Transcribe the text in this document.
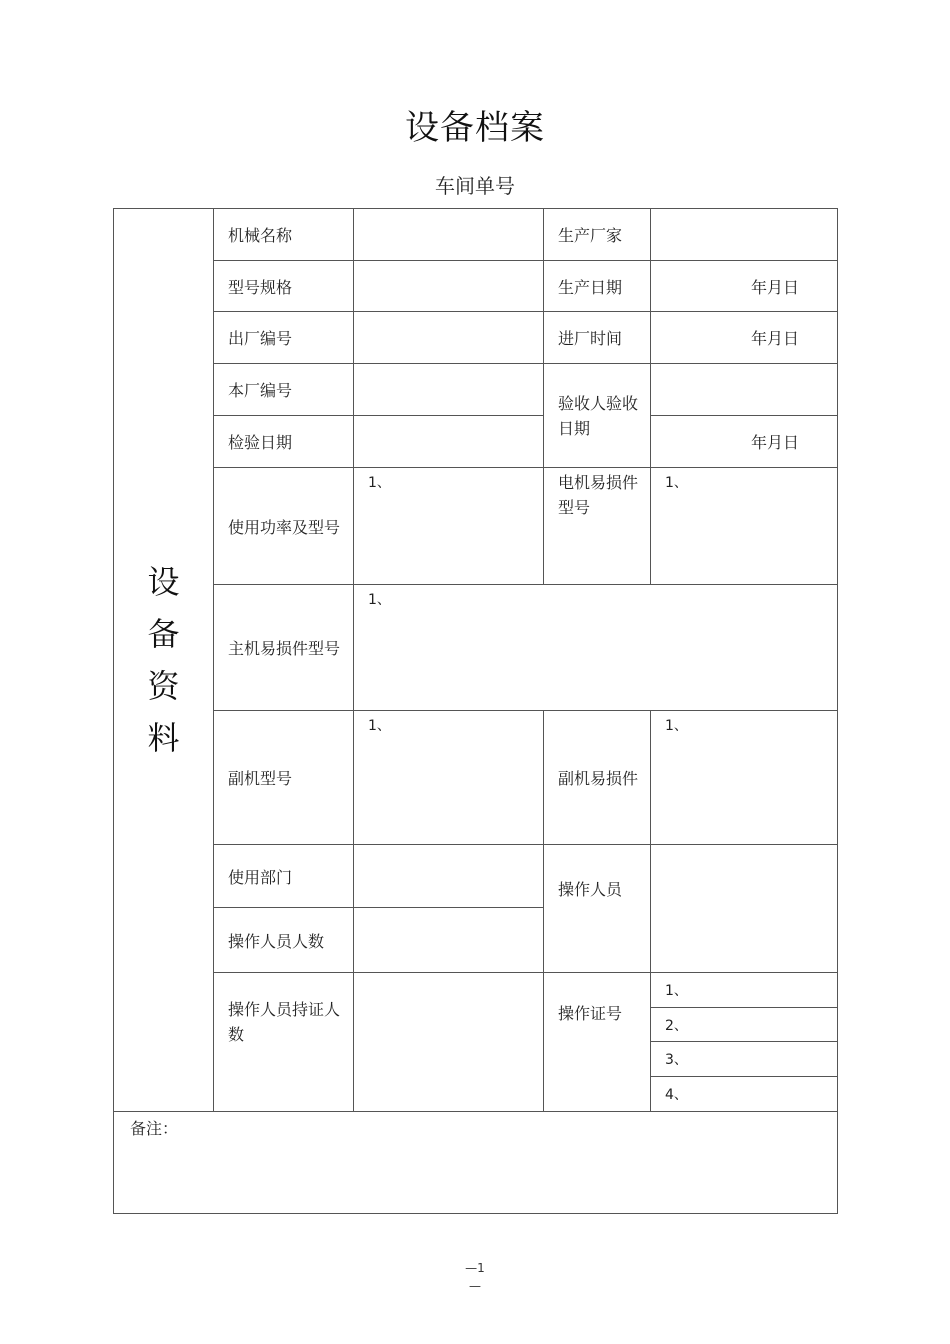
设备档案
车间单号
设
备
资
料	机械名称		生产厂家	
	型号规格		生产日期	年月日
	出厂编号		进厂时间	年月日
	本厂编号		验收人验收日期	
	检验日期			年月日
	使用功率及型号	1、	电机易损件型号	1、
	主机易损件型号	1、		
	副机型号	1、	副机易损件	1、
	使用部门		操作人员	
	操作人员人数			
	操作人员持证人数		操作证号	1、
				2、
				3、
				4、

备注：				
—1
—
